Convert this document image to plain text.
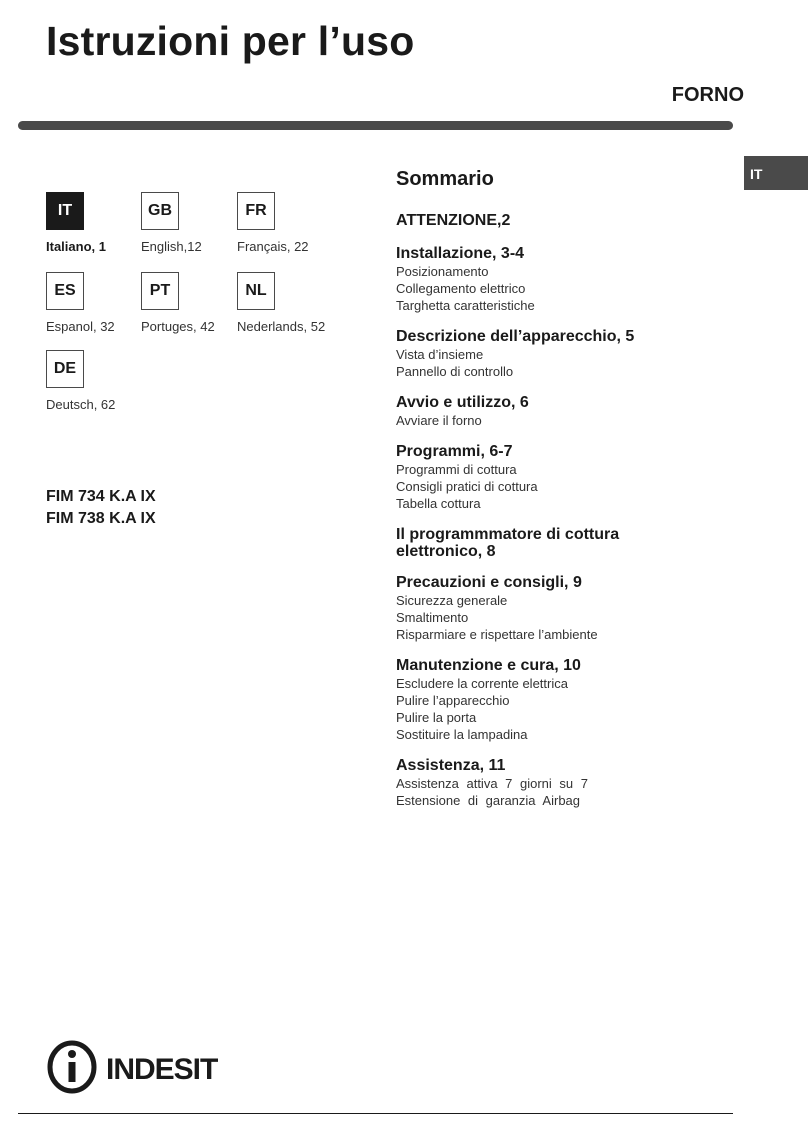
Istruzioni per l’uso
FORNO
IT
IT
Italiano, 1
GB
English,12
FR
Français, 22
ES
Espanol, 32
PT
Portuges, 42
NL
Nederlands, 52
DE
Deutsch, 62
FIM 734 K.A IX
FIM 738 K.A IX
Sommario
ATTENZIONE,2
Installazione, 3-4
Posizionamento
Collegamento elettrico
Targhetta caratteristiche
Descrizione dell’apparecchio, 5
Vista d’insieme
Pannello di controllo
Avvio e utilizzo, 6
Avviare il forno
Programmi, 6-7
Programmi di cottura
Consigli pratici di cottura
Tabella cottura
Il programmmatore di cottura elettronico, 8
Precauzioni e consigli, 9
Sicurezza generale
Smaltimento
Risparmiare e rispettare l’ambiente
Manutenzione e cura, 10
Escludere la corrente elettrica
Pulire l’apparecchio
Pulire la porta
Sostituire la lampadina
Assistenza, 11
Assistenza attiva 7 giorni su 7
Estensione di garanzia Airbag
INDESIT
